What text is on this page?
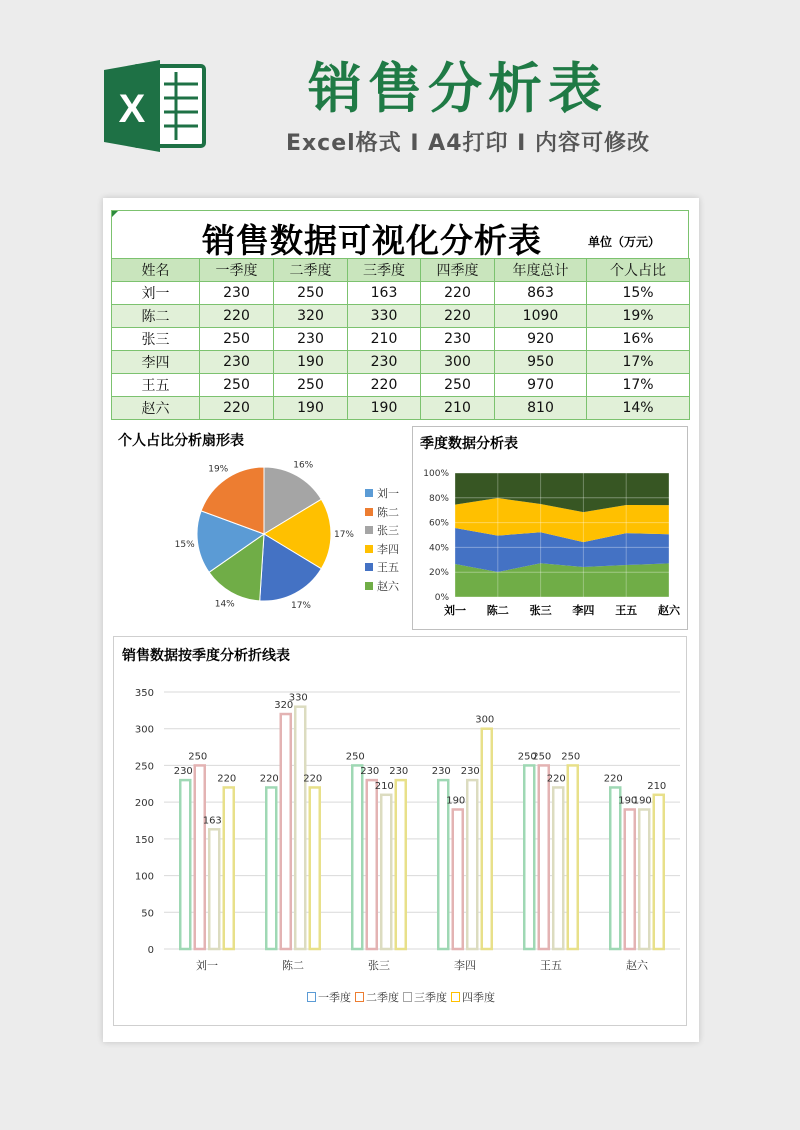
X	销售分析表
Excel格式 I A4打印 I 内容可修改
销售数据可视化分析表	单位（万元）
姓名	一季度	二季度	三季度	四季度	年度总计	个人占比
刘一	230	250	163	220	863	15%
陈二	220	320	330	220	1090	19%
张三	250	230	210	230	920	16%
李四	230	190	230	300	950	17%
王五	250	250	220	250	970	17%
赵六	220	190	190	210	810	14%
个人占比分析扇形表
16%
17%
17%
14%
15%
19%
刘一
陈二
张三
李四
王五
赵六
季度数据分析表
0%
20%
40%
60%
80%
100%
刘一 陈二 张三 李四 王五 赵六
销售数据按季度分析折线表
0
50
100
150
200
250
300
350
230
250
163
220
刘一
220
320
330
220
陈二
250
230
210
230
张三
230
190
230
300
李四
250
250
220
250
王五
220
190
190
210
赵六
一季度 二季度 三季度 四季度
